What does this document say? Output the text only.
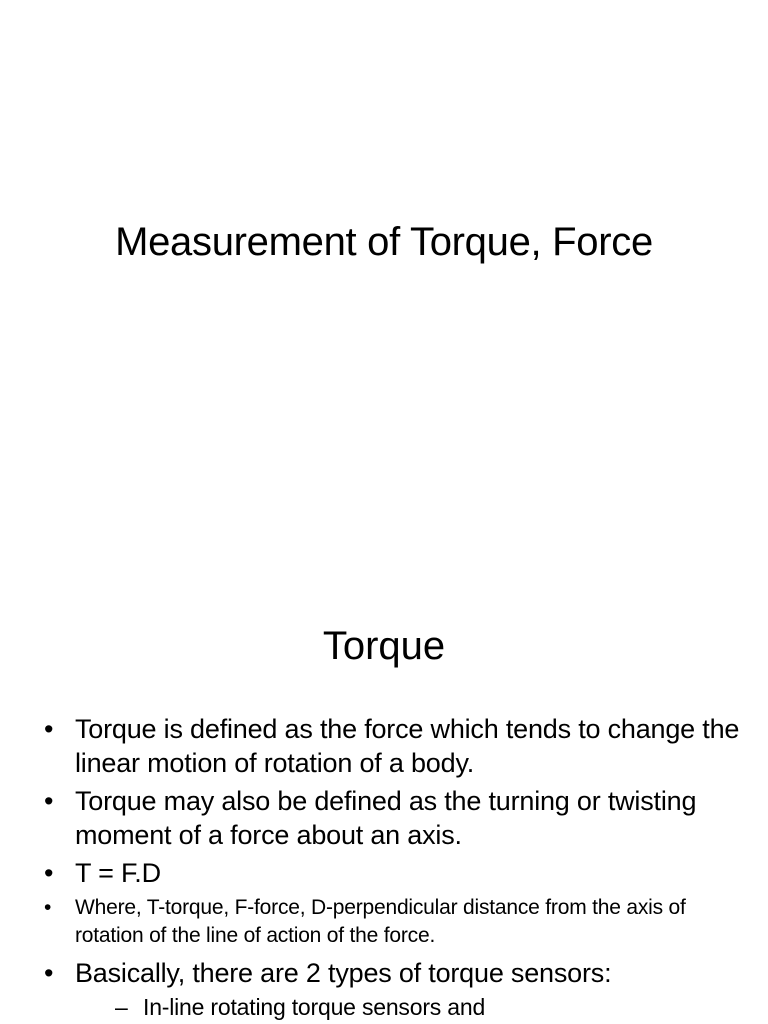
Measurement of Torque, Force
Torque
• Torque is defined as the force which tends to change the linear motion of rotation of a body.
• Torque may also be defined as the turning or twisting moment of a force about an axis.
• T = F.D
• Where, T-torque, F-force, D-perpendicular distance from the axis of rotation of the line of action of the force.
• Basically, there are 2 types of torque sensors:
– In-line rotating torque sensors and
